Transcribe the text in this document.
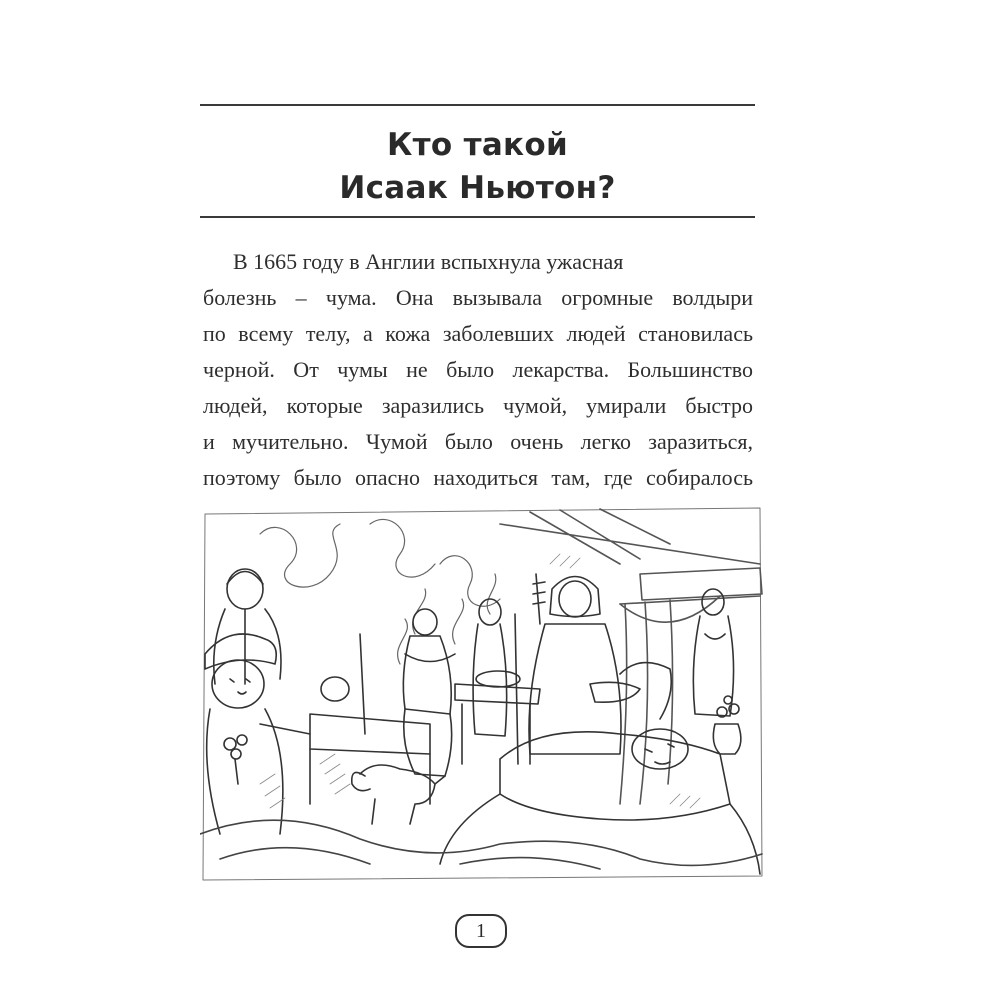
Кто такой
Исаак Ньютон?
В 1665 году в Англии вспыхнула ужасная
болезнь – чума. Она вызывала огромные волдыри
по всему телу, а кожа заболевших людей становилась
черной. От чумы не было лекарства. Большинство
людей, которые заразились чумой, умирали быстро
и мучительно. Чумой было очень легко заразиться,
поэтому было опасно находиться там, где собиралось
1
